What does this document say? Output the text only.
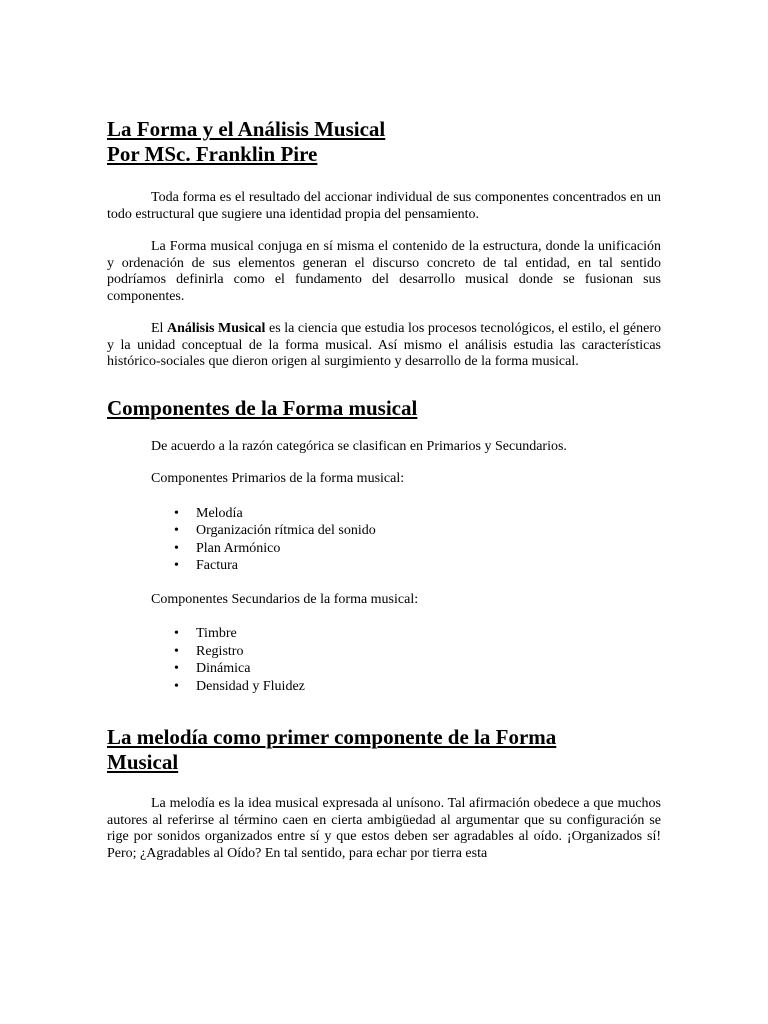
La Forma y el Análisis Musical
Por MSc. Franklin Pire

Toda forma es el resultado del accionar individual de sus componentes concentrados en un todo estructural que sugiere una identidad propia del pensamiento.

La Forma musical conjuga en sí misma el contenido de la estructura, donde la unificación y ordenación de sus elementos generan el discurso concreto de tal entidad, en tal sentido podríamos definirla como el fundamento del desarrollo musical donde se fusionan sus componentes.

El Análisis Musical es la ciencia que estudia los procesos tecnológicos, el estilo, el género y la unidad conceptual de la forma musical. Así mismo el análisis estudia las características histórico-sociales que dieron origen al surgimiento y desarrollo de la forma musical.

Componentes de la Forma musical

De acuerdo a la razón categórica se clasifican en Primarios y Secundarios.

Componentes Primarios de la forma musical:

• Melodía
• Organización rítmica del sonido
• Plan Armónico
• Factura

Componentes Secundarios de la forma musical:

• Timbre
• Registro
• Dinámica
• Densidad y Fluidez
La melodía como primer componente de la Forma
Musical

La melodía es la idea musical expresada al unísono. Tal afirmación obedece a que muchos autores al referirse al término caen en cierta ambigüedad al argumentar que su configuración se rige por sonidos organizados entre sí y que estos deben ser agradables al oído. ¡Organizados sí! Pero; ¿Agradables al Oído? En tal sentido, para echar por tierra esta
